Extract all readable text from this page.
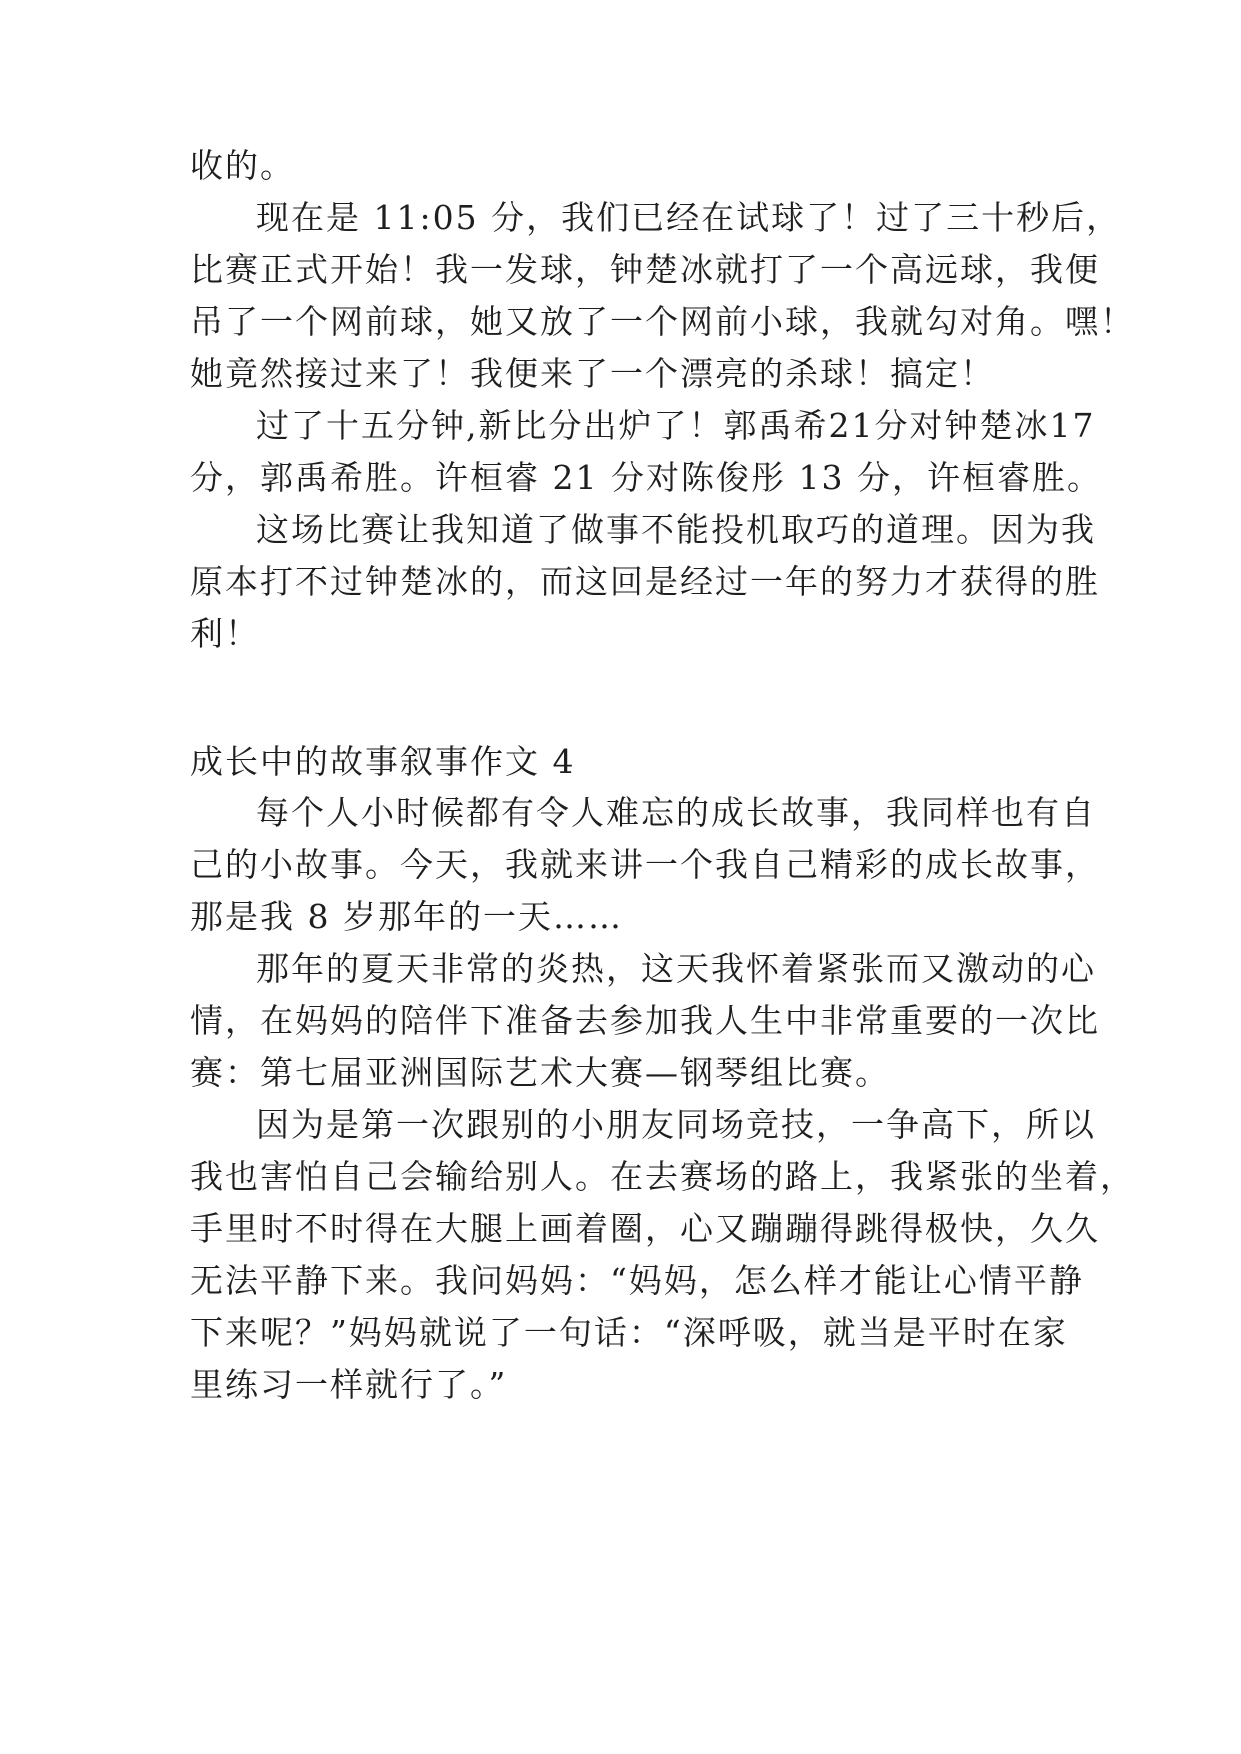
收的。

现在是 11:05 分，我们已经在试球了！过了三十秒后，

比赛正式开始！我一发球，钟楚冰就打了一个高远球，我便

吊了一个网前球，她又放了一个网前小球，我就勾对角。嘿！

她竟然接过来了！我便来了一个漂亮的杀球！搞定！

过了十五分钟,新比分出炉了！郭禹希21分对钟楚冰17

分，郭禹希胜。许桓睿 21 分对陈俊彤 13 分，许桓睿胜。

这场比赛让我知道了做事不能投机取巧的道理。因为我

原本打不过钟楚冰的，而这回是经过一年的努力才获得的胜

利！

成长中的故事叙事作文 4

每个人小时候都有令人难忘的成长故事，我同样也有自

己的小故事。今天，我就来讲一个我自己精彩的成长故事，

那是我 8 岁那年的一天……

那年的夏天非常的炎热，这天我怀着紧张而又激动的心

情，在妈妈的陪伴下准备去参加我人生中非常重要的一次比

赛：第七届亚洲国际艺术大赛—钢琴组比赛。

因为是第一次跟别的小朋友同场竞技，一争高下，所以

我也害怕自己会输给别人。在去赛场的路上，我紧张的坐着，

手里时不时得在大腿上画着圈，心又蹦蹦得跳得极快，久久

无法平静下来。我问妈妈：“妈妈，怎么样才能让心情平静

下来呢？”妈妈就说了一句话：“深呼吸，就当是平时在家

里练习一样就行了。”
